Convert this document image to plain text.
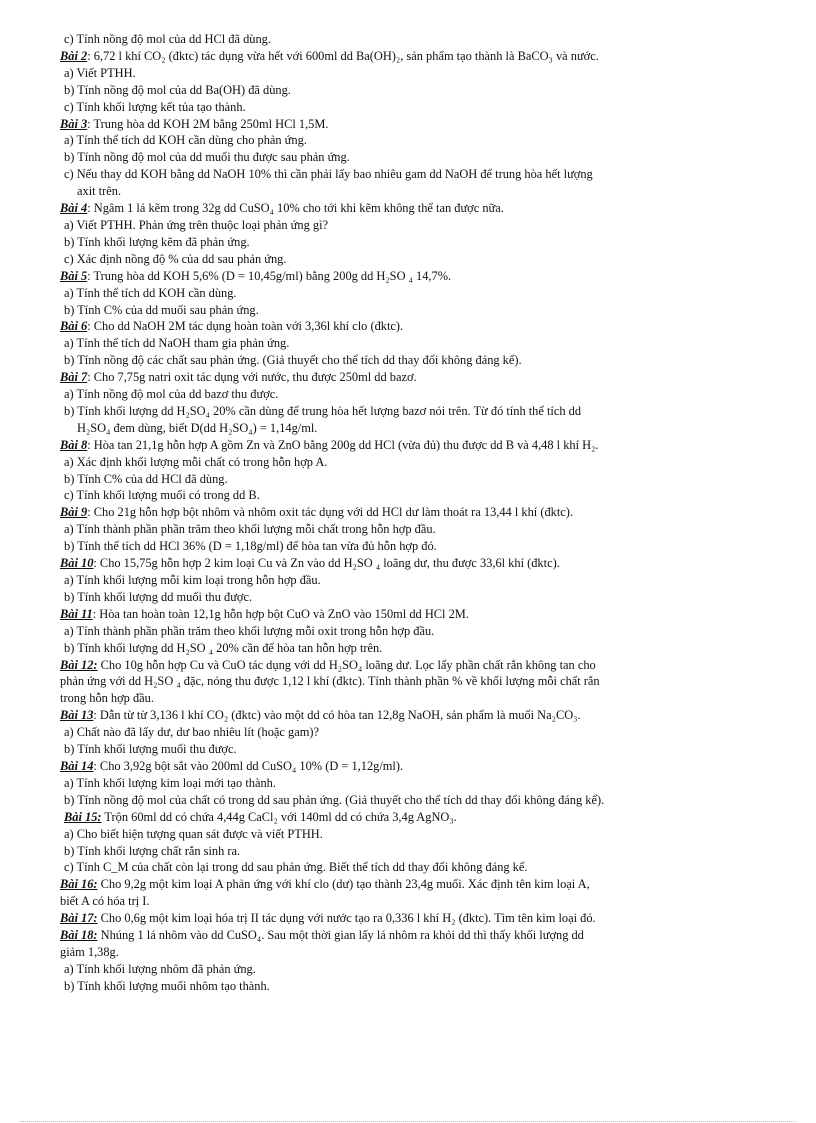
c) Tính nồng độ mol của dd HCl đã dùng.
Bài 2: 6,72 l khí CO₂ (đktc) tác dụng vừa hết với 600ml dd Ba(OH)₂, sản phẩm tạo thành là BaCO₃ và nước.
a) Viết PTHH.
b) Tính nồng độ mol của dd Ba(OH) đã dùng.
c) Tính khối lượng kết tủa tạo thành.
Bài 3: Trung hòa dd KOH 2M bằng 250ml HCl 1,5M.
a) Tính thể tích dd KOH cần dùng cho phản ứng.
b) Tính nồng độ mol của dd muối thu được sau phản ứng.
c) Nếu thay dd KOH bằng dd NaOH 10% thì cần phải lấy bao nhiêu gam dd NaOH để trung hòa hết lượng
axit trên.
Bài 4: Ngâm 1 lá kẽm trong 32g dd CuSO₄ 10% cho tới khi kẽm không thể tan được nữa.
a) Viết PTHH. Phản ứng trên thuộc loại phản ứng gì?
b) Tính khối lượng kẽm đã phản ứng.
c) Xác định nồng độ % của dd sau phản ứng.
Bài 5: Trung hòa dd KOH 5,6% (D = 10,45g/ml) bằng 200g dd H₂SO ₄ 14,7%.
a) Tính thể tích dd KOH cần dùng.
b) Tính C% của dd muối sau phản ứng.
Bài 6: Cho dd NaOH 2M tác dụng hoàn toàn với 3,36l khí clo (đktc).
a) Tính thể tích dd NaOH tham gia phản ứng.
b) Tính nồng độ các chất sau phản ứng. (Giả thuyết cho thể tích dd thay đổi không đáng kể).
Bài 7: Cho 7,75g natri oxit tác dụng với nước, thu được 250ml dd bazơ.
a) Tính nồng độ mol của dd bazơ thu được.
b) Tính khối lượng dd H₂SO₄ 20% cần dùng để trung hòa hết lượng bazơ nói trên. Từ đó tính thể tích dd
H₂SO₄ đem dùng, biết D(dd H₂SO₄) = 1,14g/ml.
Bài 8: Hòa tan 21,1g hỗn hợp A gồm Zn và ZnO bằng 200g dd HCl (vừa đủ) thu được dd B và 4,48 l khí H₂.
a) Xác định khối lượng mỗi chất có trong hỗn hợp A.
b) Tính C% của dd HCl đã dùng.
c) Tính khối lượng muối có trong dd B.
Bài 9: Cho 21g hỗn hợp bột nhôm và nhôm oxit tác dụng với dd HCl dư làm thoát ra 13,44 l khí (đktc).
a) Tính thành phần phần trăm theo khối lượng mỗi chất trong hỗn hợp đầu.
b) Tính thể tích dd HCl 36% (D = 1,18g/ml) để hòa tan vừa đủ hỗn hợp đó.
Bài 10: Cho 15,75g hỗn hợp 2 kim loại Cu và Zn vào dd H₂SO ₄ loãng dư, thu được 33,6l khí (đktc).
a) Tính khối lượng mỗi kim loại trong hỗn hợp đầu.
b) Tính khối lượng dd muối thu được.
Bài 11: Hòa tan hoàn toàn 12,1g hỗn hợp bột CuO và ZnO vào 150ml dd HCl 2M.
a) Tính thành phần phần trăm theo khối lượng mỗi oxit trong hỗn hợp đầu.
b) Tính khối lượng dd H₂SO ₄ 20% cần để hòa tan hỗn hợp trên.
Bài 12: Cho 10g hỗn hợp Cu và CuO tác dụng với dd H₂SO₄ loãng dư. Lọc lấy phần chất rắn không tan cho
phản ứng với dd H₂SO ₄ đặc, nóng thu được 1,12 l khí (đktc). Tính thành phần % về khối lượng mỗi chất rắn
trong hỗn hợp đầu.
Bài 13: Dẫn từ từ 3,136 l khí CO₂ (đktc) vào một dd có hòa tan 12,8g NaOH, sản phẩm là muối Na₂CO₃.
a) Chất nào đã lấy dư, dư bao nhiêu lít (hoặc gam)?
b) Tính khối lượng muối thu được.
Bài 14: Cho 3,92g bột sắt vào 200ml dd CuSO₄ 10% (D = 1,12g/ml).
a) Tính khối lượng kim loại mới tạo thành.
b) Tính nồng độ mol của chất có trong dd sau phản ứng. (Giả thuyết cho thể tích dd thay đổi không đáng kể).
Bài 15: Trộn 60ml dd có chứa 4,44g CaCl₂ với 140ml dd có chứa 3,4g AgNO₃.
a) Cho biết hiện tượng quan sát được và viết PTHH.
b) Tính khối lượng chất rắn sinh ra.
c) Tính C_M của chất còn lại trong dd sau phản ứng. Biết thể tích dd thay đổi không đáng kể.
Bài 16: Cho 9,2g một kim loại A phản ứng với khí clo (dư) tạo thành 23,4g muối. Xác định tên kim loại A,
biết A có hóa trị I.
Bài 17: Cho 0,6g một kim loại hóa trị II tác dụng với nước tạo ra 0,336 l khí H₂ (đktc). Tìm tên kim loại đó.
Bài 18: Nhúng 1 lá nhôm vào dd CuSO₄. Sau một thời gian lấy lá nhôm ra khỏi dd thì thấy khối lượng dd
giảm 1,38g.
a) Tính khối lượng nhôm đã phản ứng.
b) Tính khối lượng muối nhôm tạo thành.
